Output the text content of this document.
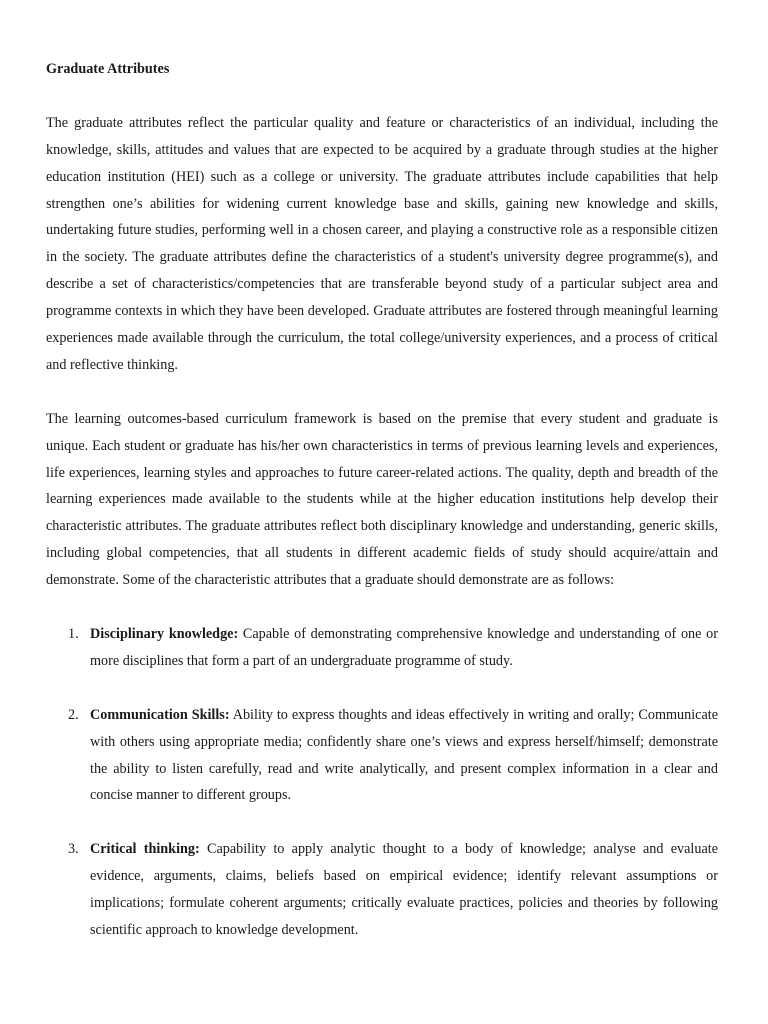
Graduate Attributes

The graduate attributes reflect the particular quality and feature or characteristics of an individual, including the knowledge, skills, attitudes and values that are expected to be acquired by a graduate through studies at the higher education institution (HEI) such as a college or university. The graduate attributes include capabilities that help strengthen one’s abilities for widening current knowledge base and skills, gaining new knowledge and skills, undertaking future studies, performing well in a chosen career, and playing a constructive role as a responsible citizen in the society. The graduate attributes define the characteristics of a student's university degree programme(s), and describe a set of characteristics/competencies that are transferable beyond study of a particular subject area and programme contexts in which they have been developed. Graduate attributes are fostered through meaningful learning experiences made available through the curriculum, the total college/university experiences, and a process of critical and reflective thinking.

The learning outcomes-based curriculum framework is based on the premise that every student and graduate is unique. Each student or graduate has his/her own characteristics in terms of previous learning levels and experiences, life experiences, learning styles and approaches to future career-related actions. The quality, depth and breadth of the learning experiences made available to the students while at the higher education institutions help develop their characteristic attributes. The graduate attributes reflect both disciplinary knowledge and understanding, generic skills, including global competencies, that all students in different academic fields of study should acquire/attain and demonstrate. Some of the characteristic attributes that a graduate should demonstrate are as follows:

1. Disciplinary knowledge: Capable of demonstrating comprehensive knowledge and understanding of one or more disciplines that form a part of an undergraduate programme of study.
2. Communication Skills: Ability to express thoughts and ideas effectively in writing and orally; Communicate with others using appropriate media; confidently share one’s views and express herself/himself; demonstrate the ability to listen carefully, read and write analytically, and present complex information in a clear and concise manner to different groups.
3. Critical thinking: Capability to apply analytic thought to a body of knowledge; analyse and evaluate evidence, arguments, claims, beliefs based on empirical evidence; identify relevant assumptions or implications; formulate coherent arguments; critically evaluate practices, policies and theories by following scientific approach to knowledge development.
